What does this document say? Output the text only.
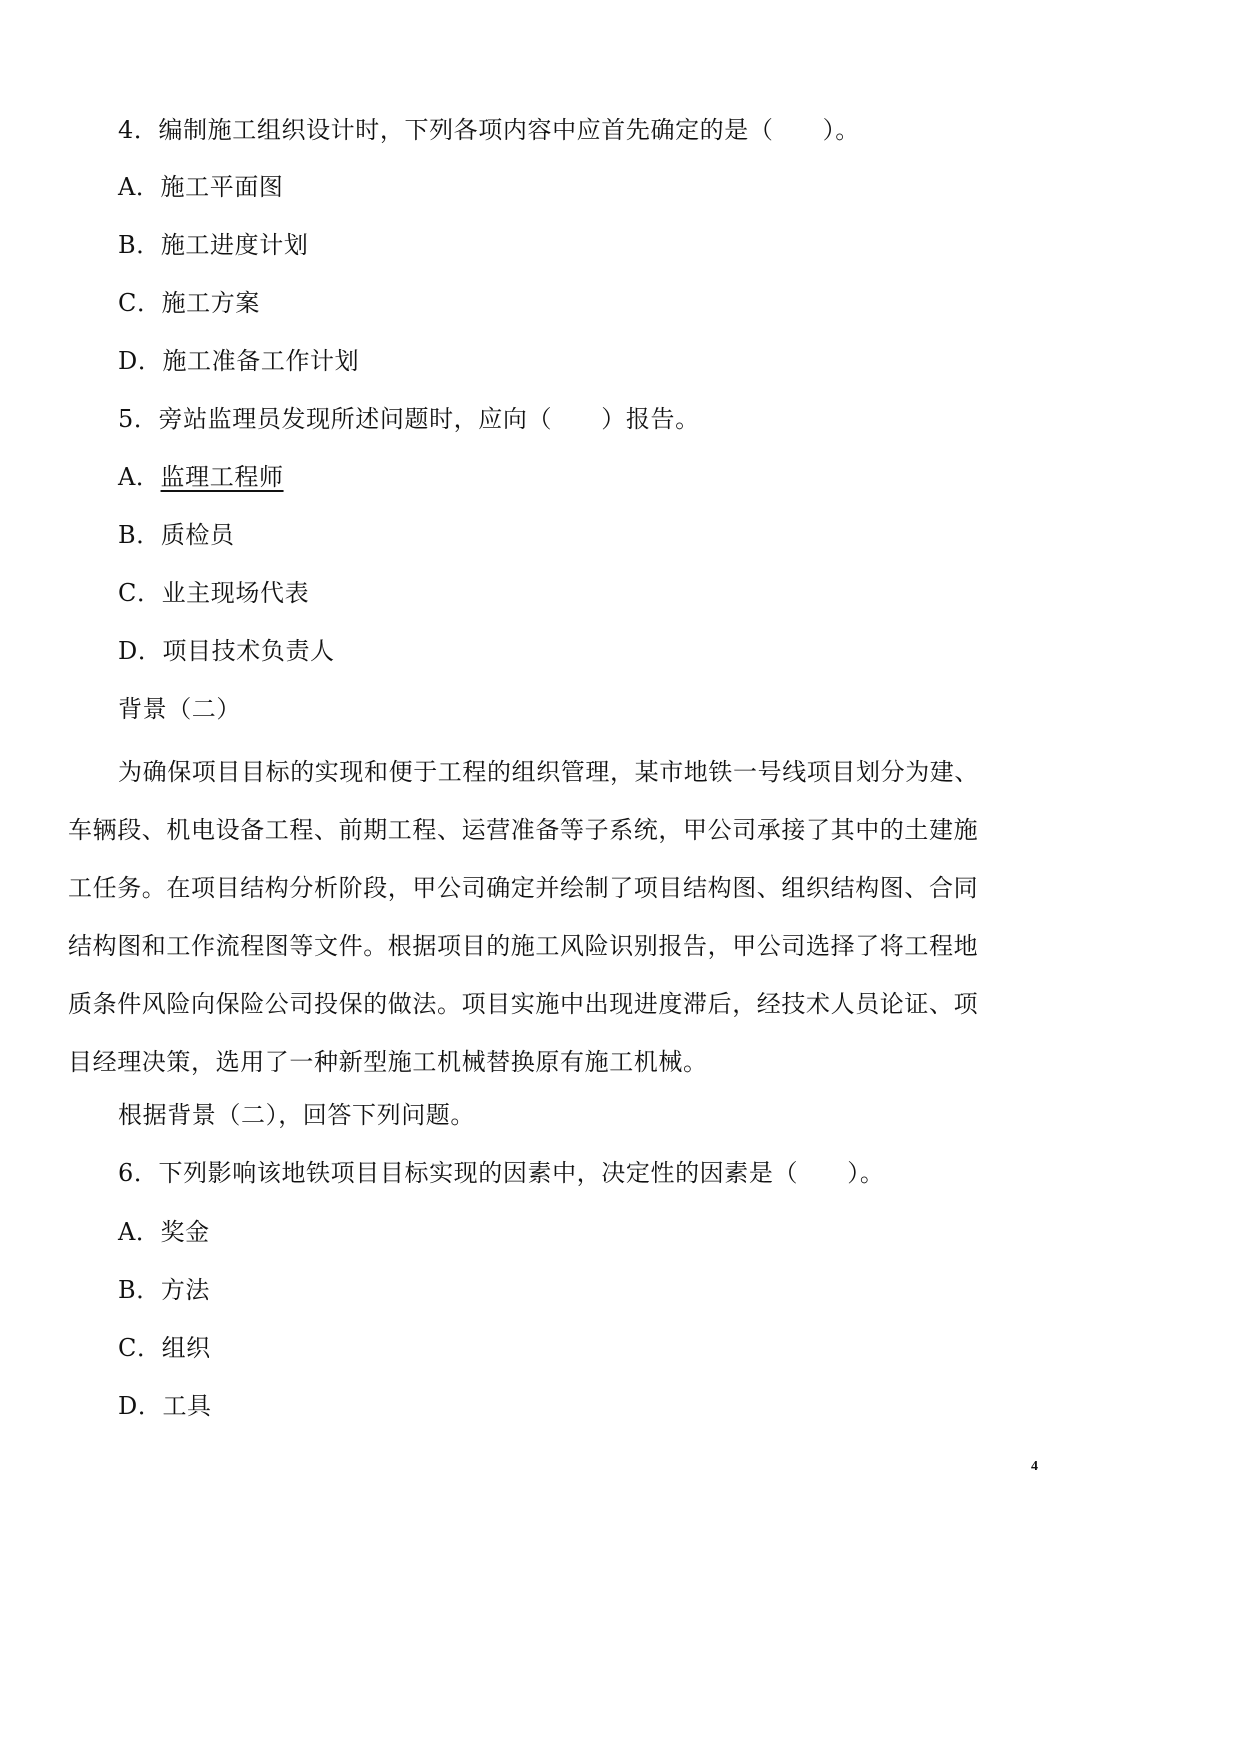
4．编制施工组织设计时，下列各项内容中应首先确定的是（　　）。
A．施工平面图
B．施工进度计划
C．施工方案
D．施工准备工作计划
5．旁站监理员发现所述问题时，应向（　　）报告。
A．监理工程师
B．质检员
C．业主现场代表
D．项目技术负责人
背景（二）
为确保项目目标的实现和便于工程的组织管理，某市地铁一号线项目划分为建、
车辆段、机电设备工程、前期工程、运营准备等子系统，甲公司承接了其中的土建施
工任务。在项目结构分析阶段，甲公司确定并绘制了项目结构图、组织结构图、合同
结构图和工作流程图等文件。根据项目的施工风险识别报告，甲公司选择了将工程地
质条件风险向保险公司投保的做法。项目实施中出现进度滞后，经技术人员论证、项
目经理决策，选用了一种新型施工机械替换原有施工机械。
根据背景（二），回答下列问题。
6．下列影响该地铁项目目标实现的因素中，决定性的因素是（　　）。
A．奖金
B．方法
C．组织
D．工具
4
